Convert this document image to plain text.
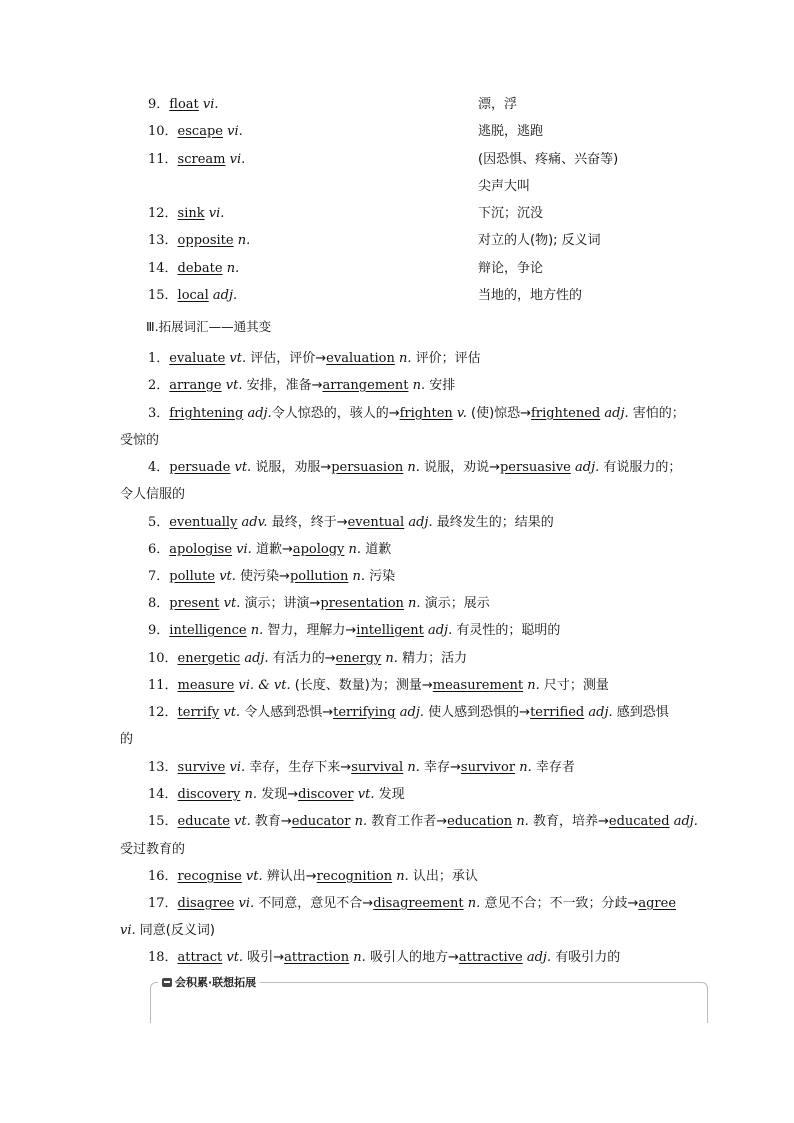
9．float vi.	漂，浮
10．escape vi.	逃脱，逃跑
11．scream vi.	(因恐惧、疼痛、兴奋等)
尖声大叫
12．sink vi.	下沉；沉没
13．opposite n.	对立的人(物); 反义词
14．debate n.	辩论，争论
15．local adj.	当地的，地方性的
Ⅲ.拓展词汇——通其变
1．evaluate vt. 评估，评价→evaluation n. 评价；评估
2．arrange vt. 安排，准备→arrangement n. 安排
3．frightening adj.令人惊恐的，骇人的→frighten v. (使)惊恐→frightened adj. 害怕的；
受惊的
4．persuade vt. 说服，劝服→persuasion n. 说服，劝说→persuasive adj. 有说服力的；
令人信服的
5．eventually adv. 最终，终于→eventual adj. 最终发生的；结果的
6．apologise vi. 道歉→apology n. 道歉
7．pollute vt. 使污染→pollution n. 污染
8．present vt. 演示；讲演→presentation n. 演示；展示
9．intelligence n. 智力，理解力→intelligent adj. 有灵性的；聪明的
10．energetic adj. 有活力的→energy n. 精力；活力
11．measure vi. & vt. (长度、数量)为；测量→measurement n. 尺寸；测量
12．terrify vt. 令人感到恐惧→terrifying adj. 使人感到恐惧的→terrified adj. 感到恐惧
的
13．survive vi. 幸存，生存下来→survival n. 幸存→survivor n. 幸存者
14．discovery n. 发现→discover vt. 发现
15．educate vt. 教育→educator n. 教育工作者→education n. 教育，培养→educated adj.
受过教育的
16．recognise vt. 辨认出→recognition n. 认出；承认
17．disagree vi. 不同意，意见不合→disagreement n. 意见不合；不一致；分歧→agree
vi. 同意(反义词)
18．attract vt. 吸引→attraction n. 吸引人的地方→attractive adj. 有吸引力的
会积累·联想拓展
